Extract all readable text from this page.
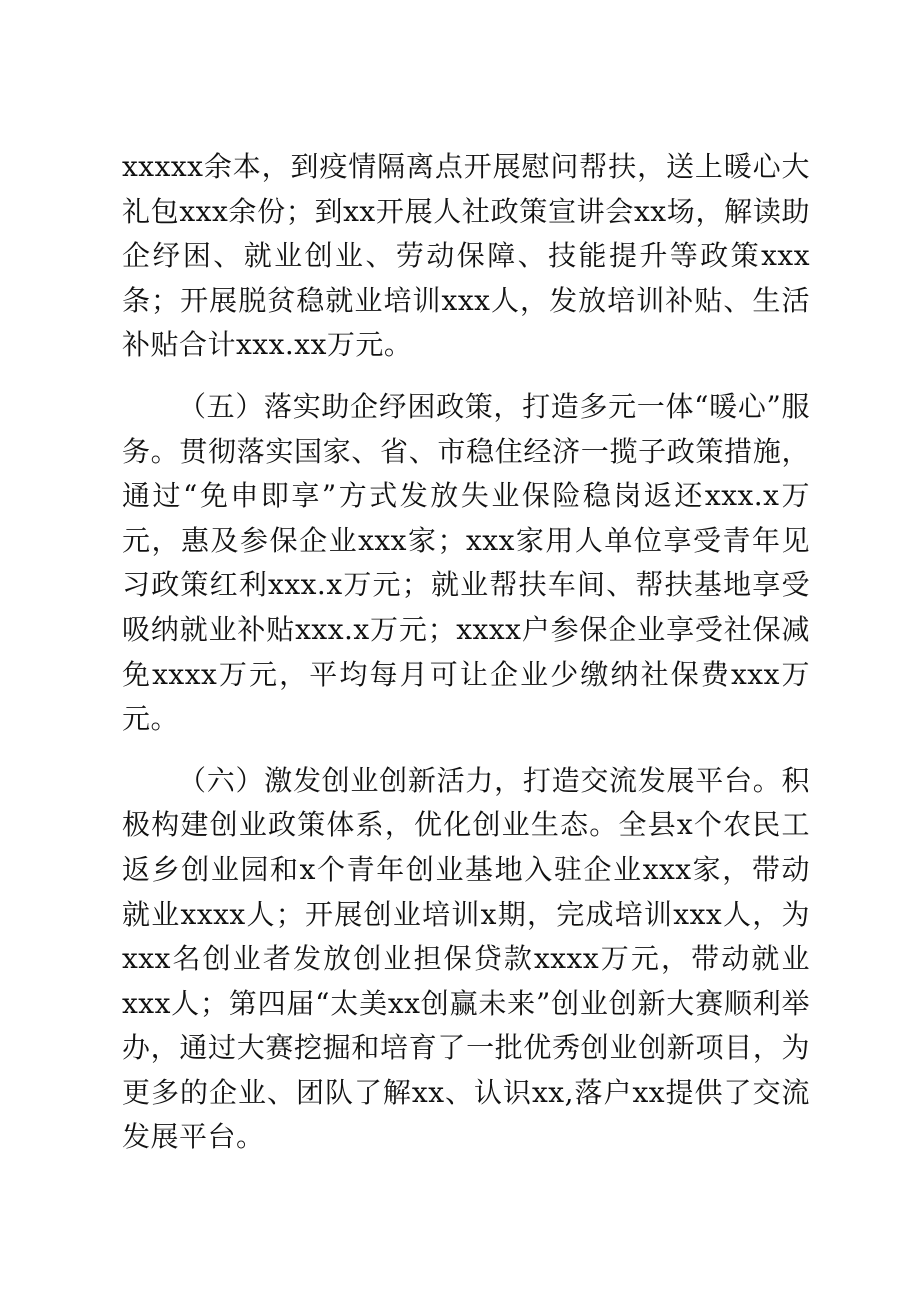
xxxxx余本，到疫情隔离点开展慰问帮扶，送上暖心大礼包xxx余份；到xx开展人社政策宣讲会xx场，解读助企纾困、就业创业、劳动保障、技能提升等政策xxx条；开展脱贫稳就业培训xxx人，发放培训补贴、生活补贴合计xxx.xx万元。

（五）落实助企纾困政策，打造多元一体“暖心”服务。贯彻落实国家、省、市稳住经济一揽子政策措施，通过“免申即享”方式发放失业保险稳岗返还xxx.x万元，惠及参保企业xxx家；xxx家用人单位享受青年见习政策红利xxx.x万元；就业帮扶车间、帮扶基地享受吸纳就业补贴xxx.x万元；xxxx户参保企业享受社保减免xxxx万元，平均每月可让企业少缴纳社保费xxx万元。

（六）激发创业创新活力，打造交流发展平台。积极构建创业政策体系，优化创业生态。全县x个农民工返乡创业园和x个青年创业基地入驻企业xxx家，带动就业xxxx人；开展创业培训x期，完成培训xxx人，为xxx名创业者发放创业担保贷款xxxx万元，带动就业xxx人；第四届“太美xx创赢未来”创业创新大赛顺利举办，通过大赛挖掘和培育了一批优秀创业创新项目，为更多的企业、团队了解xx、认识xx,落户xx提供了交流发展平台。
